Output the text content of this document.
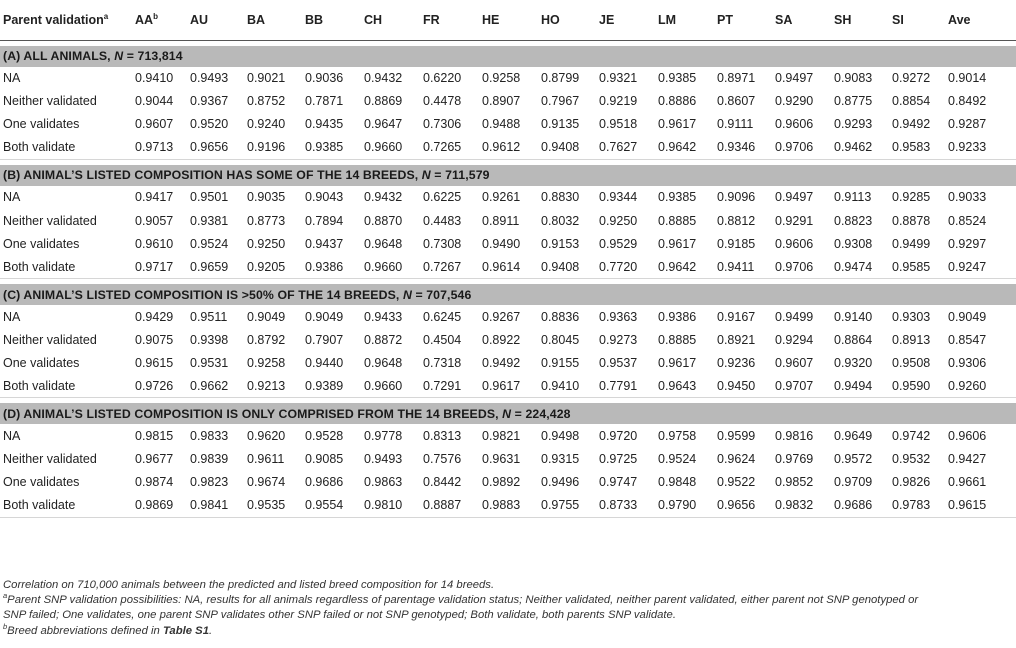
Parent validation$^a$	$AA^b$	AU	BA	BB	CH	FR	HE	HO	JE	LM	PT	SA	SH	SI	Ave

(A) ALL ANIMALS, N = 713,814															
NA	0.9410	0.9493	0.9021	0.9036	0.9432	0.6220	0.9258	0.8799	0.9321	0.9385	0.8971	0.9497	0.9083	0.9272	0.9014
Neither validated	0.9044	0.9367	0.8752	0.7871	0.8869	0.4478	0.8907	0.7967	0.9219	0.8886	0.8607	0.9290	0.8775	0.8854	0.8492
One validates	0.9607	0.9520	0.9240	0.9435	0.9647	0.7306	0.9488	0.9135	0.9518	0.9617	0.9111	0.9606	0.9293	0.9492	0.9287
Both validate	0.9713	0.9656	0.9196	0.9385	0.9660	0.7265	0.9612	0.9408	0.7627	0.9642	0.9346	0.9706	0.9462	0.9583	0.9233

(B) ANIMAL’S LISTED COMPOSITION HAS SOME OF THE 14 BREEDS, N = 711,579															
NA	0.9417	0.9501	0.9035	0.9043	0.9432	0.6225	0.9261	0.8830	0.9344	0.9385	0.9096	0.9497	0.9113	0.9285	0.9033
Neither validated	0.9057	0.9381	0.8773	0.7894	0.8870	0.4483	0.8911	0.8032	0.9250	0.8885	0.8812	0.9291	0.8823	0.8878	0.8524
One validates	0.9610	0.9524	0.9250	0.9437	0.9648	0.7308	0.9490	0.9153	0.9529	0.9617	0.9185	0.9606	0.9308	0.9499	0.9297
Both validate	0.9717	0.9659	0.9205	0.9386	0.9660	0.7267	0.9614	0.9408	0.7720	0.9642	0.9411	0.9706	0.9474	0.9585	0.9247

(C) ANIMAL’S LISTED COMPOSITION IS >50% OF THE 14 BREEDS, N = 707,546															
NA	0.9429	0.9511	0.9049	0.9049	0.9433	0.6245	0.9267	0.8836	0.9363	0.9386	0.9167	0.9499	0.9140	0.9303	0.9049
Neither validated	0.9075	0.9398	0.8792	0.7907	0.8872	0.4504	0.8922	0.8045	0.9273	0.8885	0.8921	0.9294	0.8864	0.8913	0.8547
One validates	0.9615	0.9531	0.9258	0.9440	0.9648	0.7318	0.9492	0.9155	0.9537	0.9617	0.9236	0.9607	0.9320	0.9508	0.9306
Both validate	0.9726	0.9662	0.9213	0.9389	0.9660	0.7291	0.9617	0.9410	0.7791	0.9643	0.9450	0.9707	0.9494	0.9590	0.9260

(D) ANIMAL’S LISTED COMPOSITION IS ONLY COMPRISED FROM THE 14 BREEDS, N = 224,428															
NA	0.9815	0.9833	0.9620	0.9528	0.9778	0.8313	0.9821	0.9498	0.9720	0.9758	0.9599	0.9816	0.9649	0.9742	0.9606
Neither validated	0.9677	0.9839	0.9611	0.9085	0.9493	0.7576	0.9631	0.9315	0.9725	0.9524	0.9624	0.9769	0.9572	0.9532	0.9427
One validates	0.9874	0.9823	0.9674	0.9686	0.9863	0.8442	0.9892	0.9496	0.9747	0.9848	0.9522	0.9852	0.9709	0.9826	0.9661
Both validate	0.9869	0.9841	0.9535	0.9554	0.9810	0.8887	0.9883	0.9755	0.8733	0.9790	0.9656	0.9832	0.9686	0.9783	0.9615
Correlation on 710,000 animals between the predicted and listed breed composition for 14 breeds.
$^a$Parent SNP validation possibilities: NA, results for all animals regardless of parentage validation status; Neither validated, neither parent validated, either parent not SNP genotyped or
SNP failed; One validates, one parent SNP validates other SNP failed or not SNP genotyped; Both validate, both parents SNP validate.
$^b$Breed abbreviations defined in Table S1.
